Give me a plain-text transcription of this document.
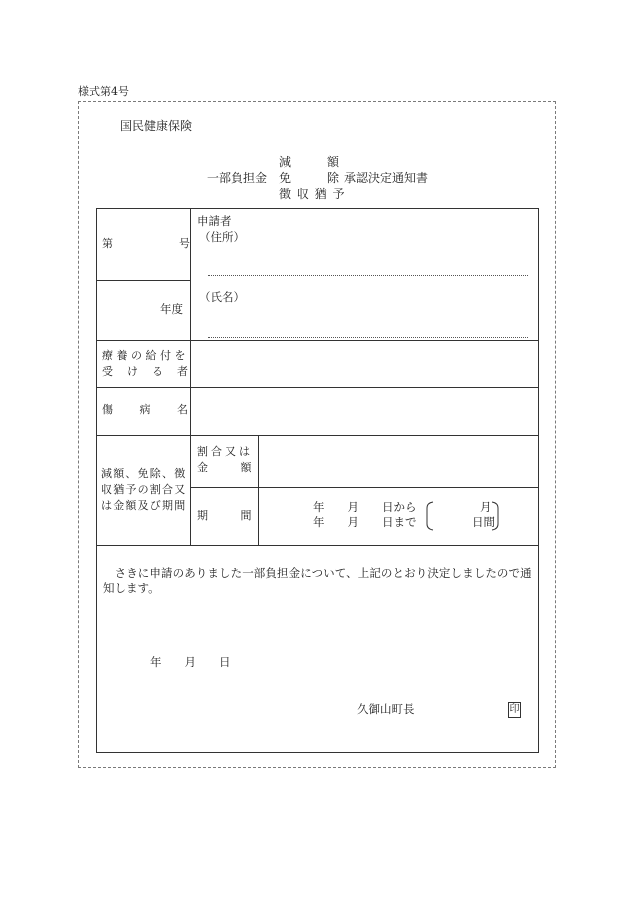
様式第4号
国民健康保険
減　　　額
一部負担金 免　　　除 承認決定通知書
徴 収 猶 予
第　　　　　　号
年度
申請者
（住所）
（氏名）
療養の給付を
受　け　る　者
傷　　病　　名
減額、免除、徴
収猶予の割合又
は金額及び期間
割合又は
金　　額
期　　間
年　　月　　日から
年　　月　　日まで
月
日間
　さきに申請のありました一部負担金について、上記のとおり決定しましたので通
知します。
年　　月　　日
久御山町長	印
